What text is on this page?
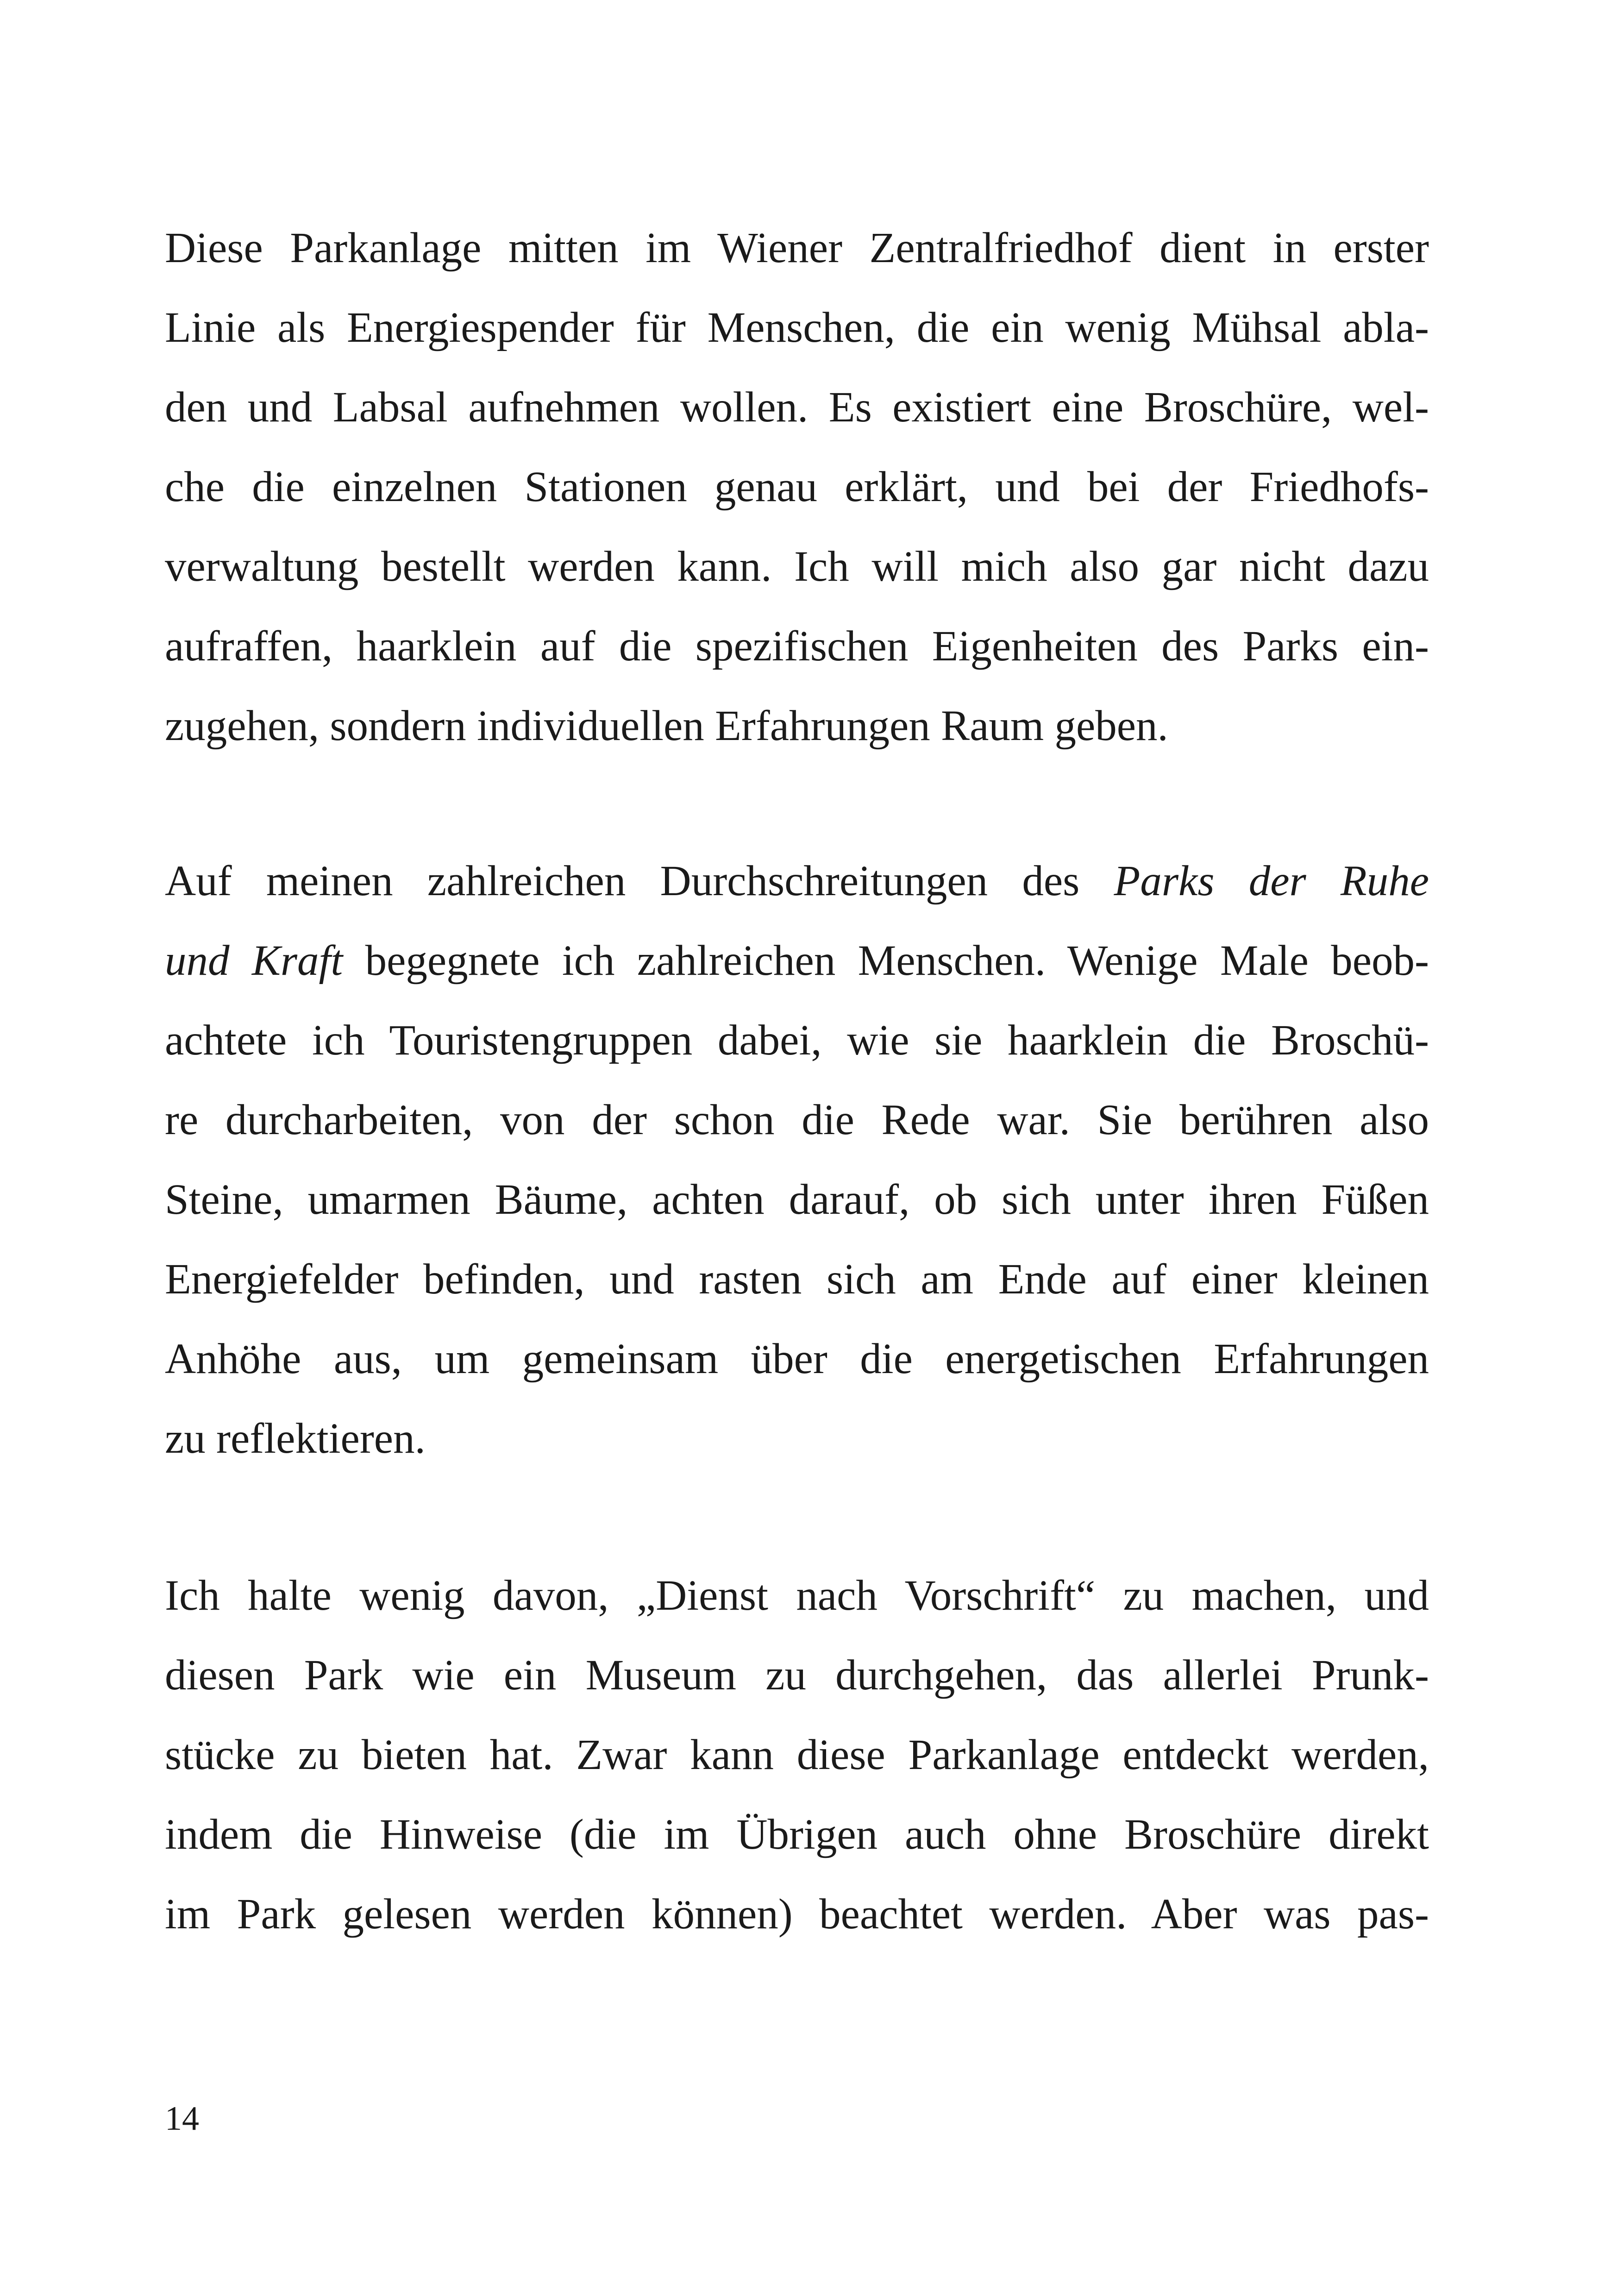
Diese Parkanlage mitten im Wiener Zentralfriedhof dient in erster
Linie als Energiespender für Menschen, die ein wenig Mühsal abla-
den und Labsal aufnehmen wollen. Es existiert eine Broschüre, wel-
che die einzelnen Stationen genau erklärt, und bei der Friedhofs-
verwaltung bestellt werden kann. Ich will mich also gar nicht dazu
aufraffen, haarklein auf die spezifischen Eigenheiten des Parks ein-
zugehen, sondern individuellen Erfahrungen Raum geben.
Auf meinen zahlreichen Durchschreitungen des Parks der Ruhe
und Kraft begegnete ich zahlreichen Menschen. Wenige Male beob-
achtete ich Touristengruppen dabei, wie sie haarklein die Broschü-
re durcharbeiten, von der schon die Rede war. Sie berühren also
Steine, umarmen Bäume, achten darauf, ob sich unter ihren Füßen
Energiefelder befinden, und rasten sich am Ende auf einer kleinen
Anhöhe aus, um gemeinsam über die energetischen Erfahrungen
zu reflektieren.
Ich halte wenig davon, „Dienst nach Vorschrift“ zu machen, und
diesen Park wie ein Museum zu durchgehen, das allerlei Prunk-
stücke zu bieten hat. Zwar kann diese Parkanlage entdeckt werden,
indem die Hinweise (die im Übrigen auch ohne Broschüre direkt
im Park gelesen werden können) beachtet werden. Aber was pas-
14
